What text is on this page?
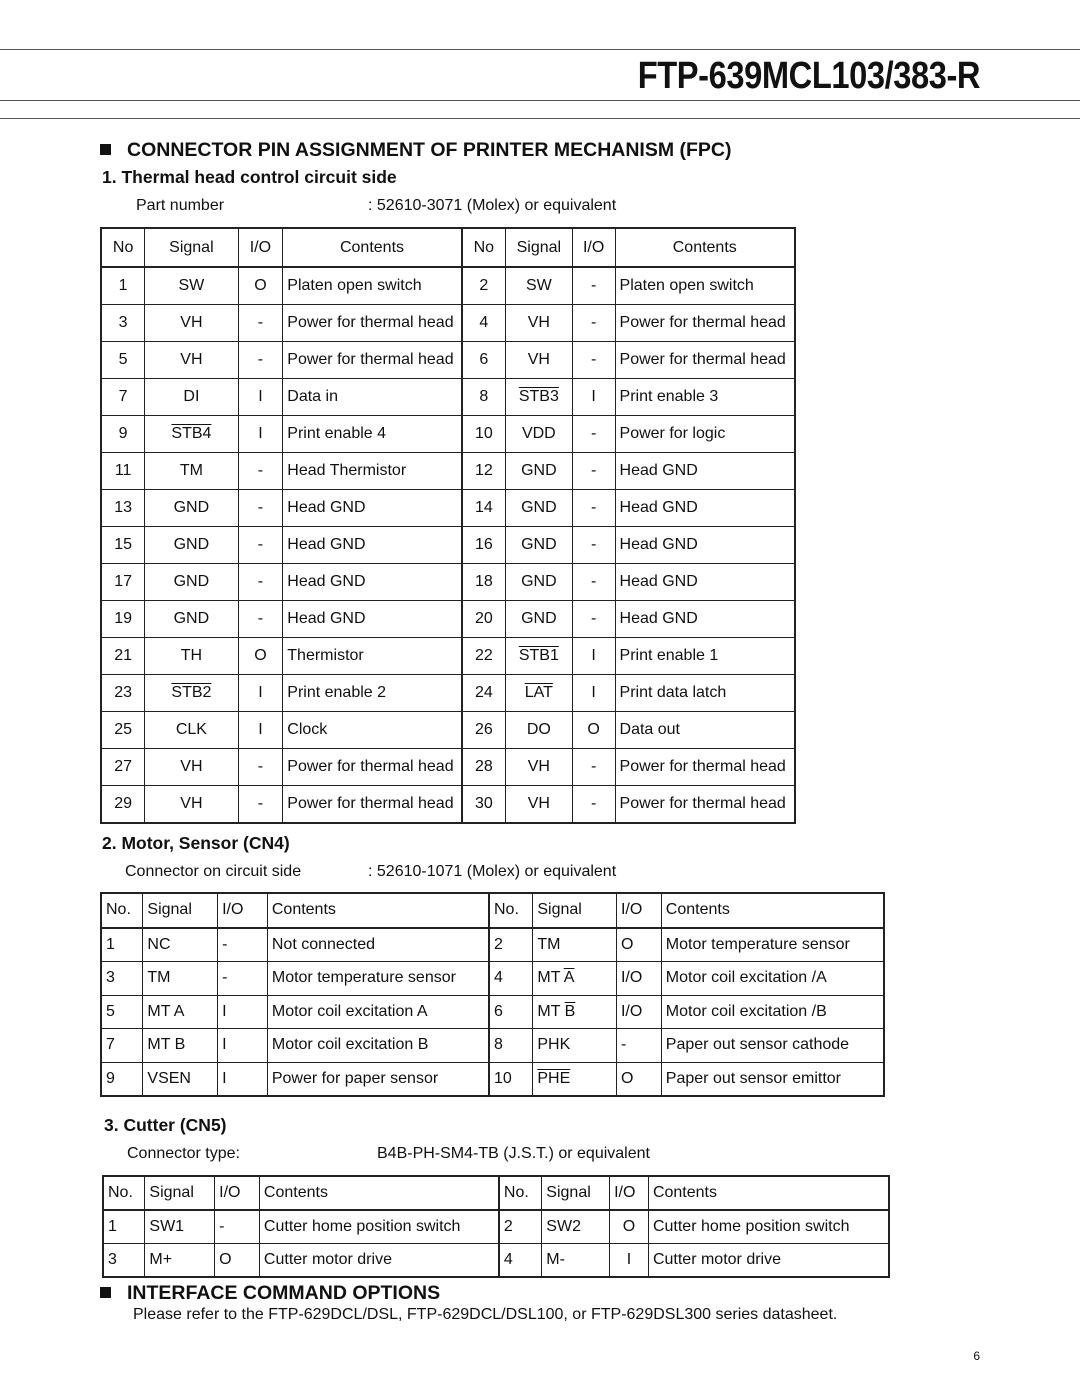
FTP-639MCL103/383-R
CONNECTOR PIN ASSIGNMENT OF PRINTER MECHANISM (FPC)
1. Thermal head control circuit side
Part number	: 52610-3071 (Molex) or equivalent
No	Signal	I/O	Contents	No	Signal	I/O	Contents
1	SW	O	Platen open switch	2	SW	-	Platen open switch
3	VH	-	Power for thermal head	4	VH	-	Power for thermal head
5	VH	-	Power for thermal head	6	VH	-	Power for thermal head
7	DI	I	Data in	8	STB3	I	Print enable 3
9	STB4	I	Print enable 4	10	VDD	-	Power for logic
11	TM	-	Head Thermistor	12	GND	-	Head GND
13	GND	-	Head GND	14	GND	-	Head GND
15	GND	-	Head GND	16	GND	-	Head GND
17	GND	-	Head GND	18	GND	-	Head GND
19	GND	-	Head GND	20	GND	-	Head GND
21	TH	O	Thermistor	22	STB1	I	Print enable 1
23	STB2	I	Print enable 2	24	$\overline{LAT}$	I	Print data latch
25	CLK	I	Clock	26	DO	O	Data out
27	VH	-	Power for thermal head	28	VH	-	Power for thermal head
29	VH	-	Power for thermal head	30	VH	-	Power for thermal head
2. Motor, Sensor (CN4)
Connector on circuit side	: 52610-1071 (Molex) or equivalent
No.	Signal	I/O	Contents	No.	Signal	I/O	Contents
1	NC	-	Not connected	2	TM	O	Motor temperature sensor
3	TM	-	Motor temperature sensor	4	MT $\overline{A}$	I/O	Motor coil excitation /A
5	MT A	I	Motor coil excitation A	6	MT $\overline{B}$	I/O	Motor coil excitation /B
7	MT B	I	Motor coil excitation B	8	PHK	-	Paper out sensor cathode
9	VSEN	I	Power for paper sensor	10	$\overline{PHE}$	O	Paper out sensor emittor
3. Cutter (CN5)
Connector type:	B4B-PH-SM4-TB (J.S.T.) or equivalent
No.	Signal	I/O	Contents	No.	Signal	I/O	Contents
1	SW1	-	Cutter home position switch	2	SW2	O	Cutter home position switch
3	M+	O	Cutter motor drive	4	M-	I	Cutter motor drive
INTERFACE COMMAND OPTIONS
Please refer to the FTP-629DCL/DSL, FTP-629DCL/DSL100, or FTP-629DSL300 series datasheet.
6
